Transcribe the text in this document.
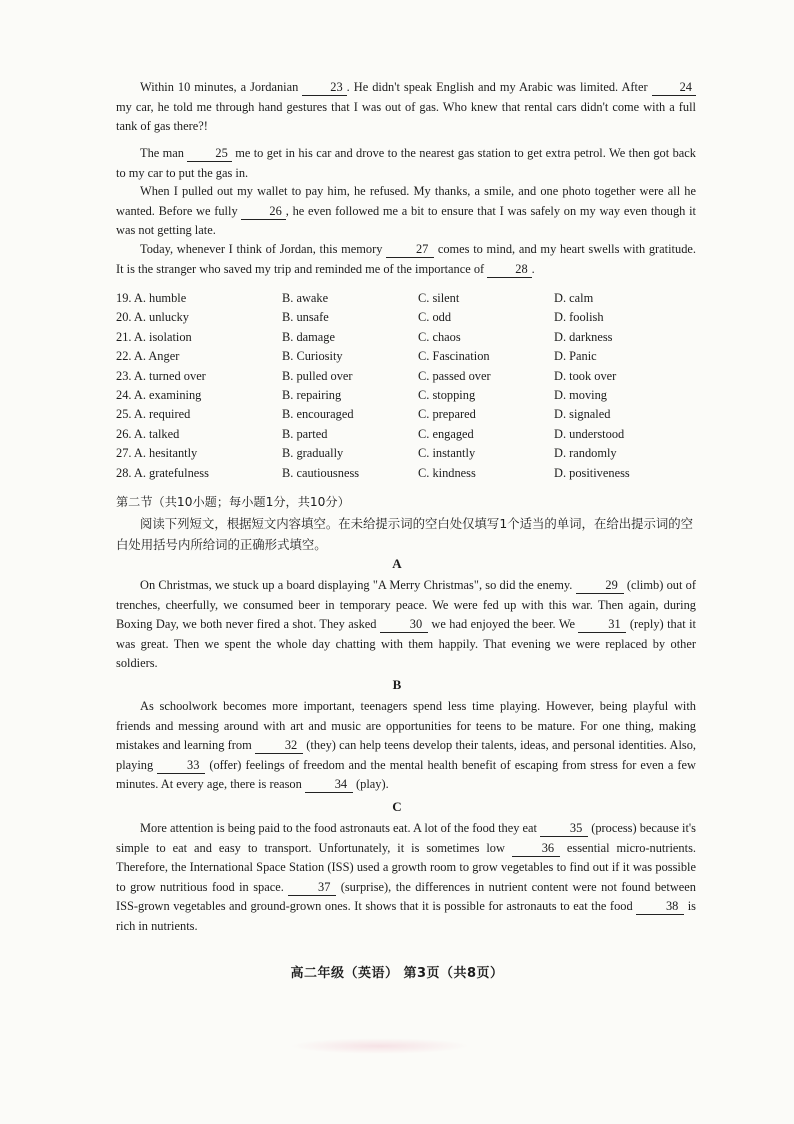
Within 10 minutes, a Jordanian 23 . He didn't speak English and my Arabic was limited. After 24 my car, he told me through hand gestures that I was out of gas. Who knew that rental cars didn't come with a full tank of gas there?!

The man 25 me to get in his car and drove to the nearest gas station to get extra petrol. We then got back to my car to put the gas in.

When I pulled out my wallet to pay him, he refused. My thanks, a smile, and one photo together were all he wanted. Before we fully 26 , he even followed me a bit to ensure that I was safely on my way even though it was not getting late.

Today, whenever I think of Jordan, this memory 27 comes to mind, and my heart swells with gratitude. It is the stranger who saved my trip and reminded me of the importance of 28 .

19. A. humble	B. awake	C. silent	D. calm
20. A. unlucky	B. unsafe	C. odd	D. foolish
21. A. isolation	B. damage	C. chaos	D. darkness
22. A. Anger	B. Curiosity	C. Fascination	D. Panic
23. A. turned over	B. pulled over	C. passed over	D. took over
24. A. examining	B. repairing	C. stopping	D. moving
25. A. required	B. encouraged	C. prepared	D. signaled
26. A. talked	B. parted	C. engaged	D. understood
27. A. hesitantly	B. gradually	C. instantly	D. randomly
28. A. gratefulness	B. cautiousness	C. kindness	D. positiveness
第二节（共10小题；每小题1分，共10分）
阅读下列短文，根据短文内容填空。在未给提示词的空白处仅填写1个适当的单词，在给出提示词的空白处用括号内所给词的正确形式填空。
A

On Christmas, we stuck up a board displaying "A Merry Christmas", so did the enemy. 29 (climb) out of trenches, cheerfully, we consumed beer in temporary peace. We were fed up with this war. Then again, during Boxing Day, we both never fired a shot. They asked 30 we had enjoyed the beer. We 31 (reply) that it was great. Then we spent the whole day chatting with them happily. That evening we were replaced by other soldiers.

B

As schoolwork becomes more important, teenagers spend less time playing. However, being playful with friends and messing around with art and music are opportunities for teens to be mature. For one thing, making mistakes and learning from 32 (they) can help teens develop their talents, ideas, and personal identities. Also, playing 33 (offer) feelings of freedom and the mental health benefit of escaping from stress for even a few minutes. At every age, there is reason 34 (play).

C

More attention is being paid to the food astronauts eat. A lot of the food they eat 35 (process) because it's simple to eat and easy to transport. Unfortunately, it is sometimes low 36 essential micro-nutrients. Therefore, the International Space Station (ISS) used a growth room to grow vegetables to find out if it was possible to grow nutritious food in space. 37 (surprise), the differences in nutrient content were not found between ISS-grown vegetables and ground-grown ones. It shows that it is possible for astronauts to eat the food 38 is rich in nutrients.

高二年级（英语） 第3页（共8页）
